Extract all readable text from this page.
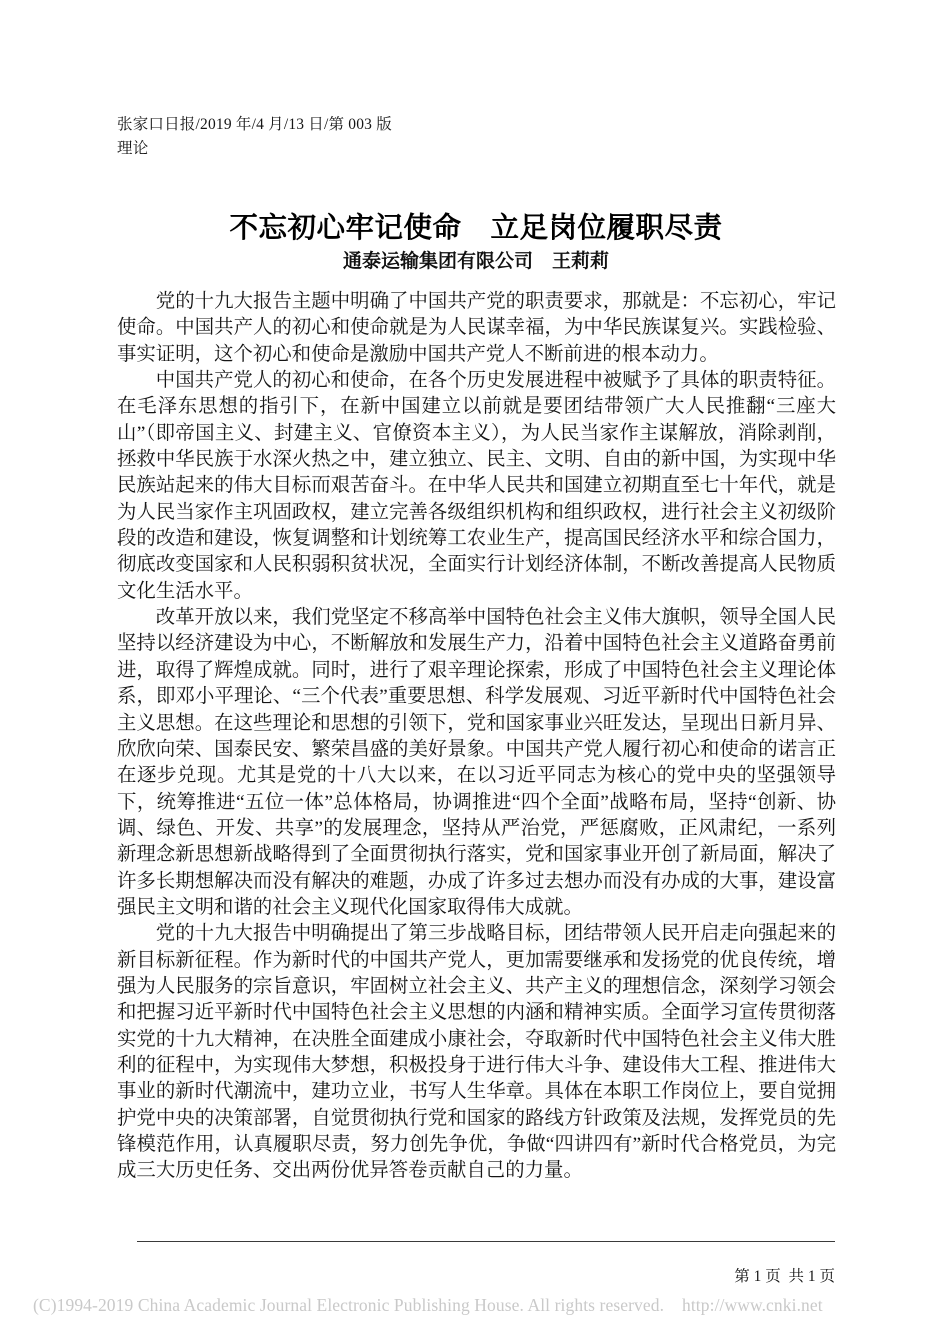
张家口日报/2019 年/4 月/13 日/第 003 版
理论
不忘初心牢记使命　立足岗位履职尽责
通泰运输集团有限公司　王莉莉

党的十九大报告主题中明确了中国共产党的职责要求，那就是：不忘初心，牢记使命。中国共产人的初心和使命就是为人民谋幸福，为中华民族谋复兴。实践检验、事实证明，这个初心和使命是激励中国共产党人不断前进的根本动力。

中国共产党人的初心和使命，在各个历史发展进程中被赋予了具体的职责特征。在毛泽东思想的指引下，在新中国建立以前就是要团结带领广大人民推翻“三座大山”（即帝国主义、封建主义、官僚资本主义），为人民当家作主谋解放，消除剥削，拯救中华民族于水深火热之中，建立独立、民主、文明、自由的新中国，为实现中华民族站起来的伟大目标而艰苦奋斗。在中华人民共和国建立初期直至七十年代，就是为人民当家作主巩固政权，建立完善各级组织机构和组织政权，进行社会主义初级阶段的改造和建设，恢复调整和计划统筹工农业生产，提高国民经济水平和综合国力，彻底改变国家和人民积弱积贫状况，全面实行计划经济体制，不断改善提高人民物质文化生活水平。

改革开放以来，我们党坚定不移高举中国特色社会主义伟大旗帜，领导全国人民坚持以经济建设为中心，不断解放和发展生产力，沿着中国特色社会主义道路奋勇前进，取得了辉煌成就。同时，进行了艰辛理论探索，形成了中国特色社会主义理论体系，即邓小平理论、“三个代表”重要思想、科学发展观、习近平新时代中国特色社会主义思想。在这些理论和思想的引领下，党和国家事业兴旺发达，呈现出日新月异、欣欣向荣、国泰民安、繁荣昌盛的美好景象。中国共产党人履行初心和使命的诺言正在逐步兑现。尤其是党的十八大以来，在以习近平同志为核心的党中央的坚强领导下，统筹推进“五位一体”总体格局，协调推进“四个全面”战略布局，坚持“创新、协调、绿色、开发、共享”的发展理念，坚持从严治党，严惩腐败，正风肃纪，一系列新理念新思想新战略得到了全面贯彻执行落实，党和国家事业开创了新局面，解决了许多长期想解决而没有解决的难题，办成了许多过去想办而没有办成的大事，建设富强民主文明和谐的社会主义现代化国家取得伟大成就。

党的十九大报告中明确提出了第三步战略目标，团结带领人民开启走向强起来的新目标新征程。作为新时代的中国共产党人，更加需要继承和发扬党的优良传统，增强为人民服务的宗旨意识，牢固树立社会主义、共产主义的理想信念，深刻学习领会和把握习近平新时代中国特色社会主义思想的内涵和精神实质。全面学习宣传贯彻落实党的十九大精神，在决胜全面建成小康社会，夺取新时代中国特色社会主义伟大胜利的征程中，为实现伟大梦想，积极投身于进行伟大斗争、建设伟大工程、推进伟大事业的新时代潮流中，建功立业，书写人生华章。具体在本职工作岗位上，要自觉拥护党中央的决策部署，自觉贯彻执行党和国家的路线方针政策及法规，发挥党员的先锋模范作用，认真履职尽责，努力创先争优，争做“四讲四有”新时代合格党员，为完成三大历史任务、交出两份优异答卷贡献自己的力量。

第 1 页  共 1 页

(C)1994-2019 China Academic Journal Electronic Publishing House. All rights reserved.    http://www.cnki.net
